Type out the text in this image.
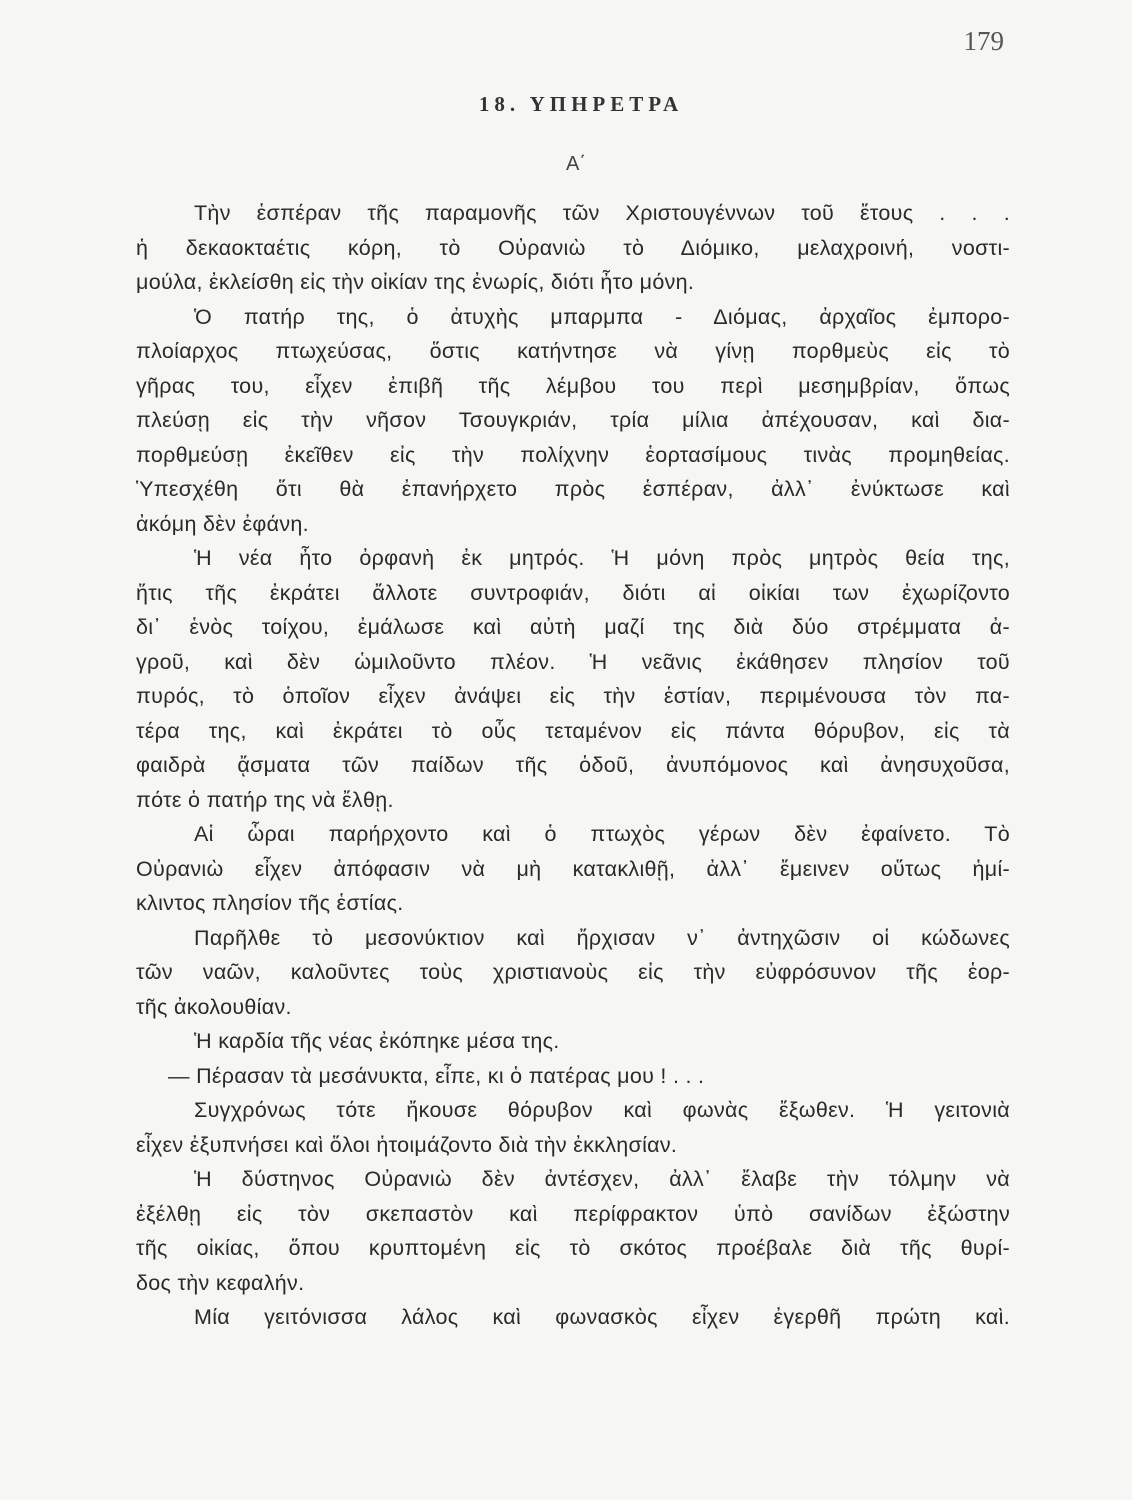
179
18. ΥΠΗΡΕΤΡΑ
Α΄
Τὴν ἑσπέραν τῆς παραμονῆς τῶν Χριστουγέννων τοῦ ἔτους . . .
ἡ δεκαοκταέτις κόρη, τὸ Οὐρανιὼ τὸ Διόμικο, μελαχροινή, νοστι-
μούλα, ἐκλείσθη εἰς τὴν οἰκίαν της ἐνωρίς, διότι ἦτο μόνη.
Ὁ πατήρ της, ὁ ἀτυχὴς μπαρμπα - Διόμας, ἀρχαῖος ἐμπορο-
πλοίαρχος πτωχεύσας, ὅστις κατήντησε νὰ γίνῃ πορθμεὺς εἰς τὸ
γῆρας του, εἶχεν ἐπιβῆ τῆς λέμβου του περὶ μεσημβρίαν, ὅπως
πλεύσῃ εἰς τὴν νῆσον Τσουγκριάν, τρία μίλια ἀπέχουσαν, καὶ δια-
πορθμεύσῃ ἐκεῖθεν εἰς τὴν πολίχνην ἑορτασίμους τινὰς προμηθείας.
Ὑπεσχέθη ὅτι θὰ ἐπανήρχετο πρὸς ἑσπέραν, ἀλλ᾽ ἐνύκτωσε καὶ
ἀκόμη δὲν ἐφάνη.
Ἡ νέα ἦτο ὀρφανὴ ἐκ μητρός. Ἡ μόνη πρὸς μητρὸς θεία της,
ἥτις τῆς ἐκράτει ἄλλοτε συντροφιάν, διότι αἱ οἰκίαι των ἐχωρίζοντο
δι᾽ ἑνὸς τοίχου, ἐμάλωσε καὶ αὐτὴ μαζί της διὰ δύο στρέμματα ἀ-
γροῦ, καὶ δὲν ὡμιλοῦντο πλέον. Ἡ νεᾶνις ἐκάθησεν πλησίον τοῦ
πυρός, τὸ ὁποῖον εἶχεν ἀνάψει εἰς τὴν ἑστίαν, περιμένουσα τὸν πα-
τέρα της, καὶ ἐκράτει τὸ οὖς τεταμένον εἰς πάντα θόρυβον, εἰς τὰ
φαιδρὰ ᾄσματα τῶν παίδων τῆς ὁδοῦ, ἀνυπόμονος καὶ ἀνησυχοῦσα,
πότε ὁ πατήρ της νὰ ἔλθῃ.
Αἱ ὧραι παρήρχοντο καὶ ὁ πτωχὸς γέρων δὲν ἐφαίνετο. Τὸ
Οὐρανιὼ εἶχεν ἀπόφασιν νὰ μὴ κατακλιθῇ, ἀλλ᾽ ἔμεινεν οὕτως ἡμί-
κλιντος πλησίον τῆς ἑστίας.
Παρῆλθε τὸ μεσονύκτιον καὶ ἤρχισαν ν᾽ ἀντηχῶσιν οἱ κώδωνες
τῶν ναῶν, καλοῦντες τοὺς χριστιανοὺς εἰς τὴν εὐφρόσυνον τῆς ἑορ-
τῆς ἀκολουθίαν.
Ἡ καρδία τῆς νέας ἐκόπηκε μέσα της.
— Πέρασαν τὰ μεσάνυκτα, εἶπε, κι ὁ πατέρας μου ! . . .
Συγχρόνως τότε ἤκουσε θόρυβον καὶ φωνὰς ἔξωθεν. Ἡ γειτονιὰ
εἶχεν ἐξυπνήσει καὶ ὅλοι ἡτοιμάζοντο διὰ τὴν ἐκκλησίαν.
Ἡ δύστηνος Οὐρανιὼ δὲν ἀντέσχεν, ἀλλ᾽ ἔλαβε τὴν τόλμην νὰ
ἐξέλθῃ εἰς τὸν σκεπαστὸν καὶ περίφρακτον ὑπὸ σανίδων ἐξώστην
τῆς οἰκίας, ὅπου κρυπτομένη εἰς τὸ σκότος προέβαλε διὰ τῆς θυρί-
δος τὴν κεφαλήν.
Μία γειτόνισσα λάλος καὶ φωνασκὸς εἶχεν ἐγερθῆ πρώτη καὶ.
